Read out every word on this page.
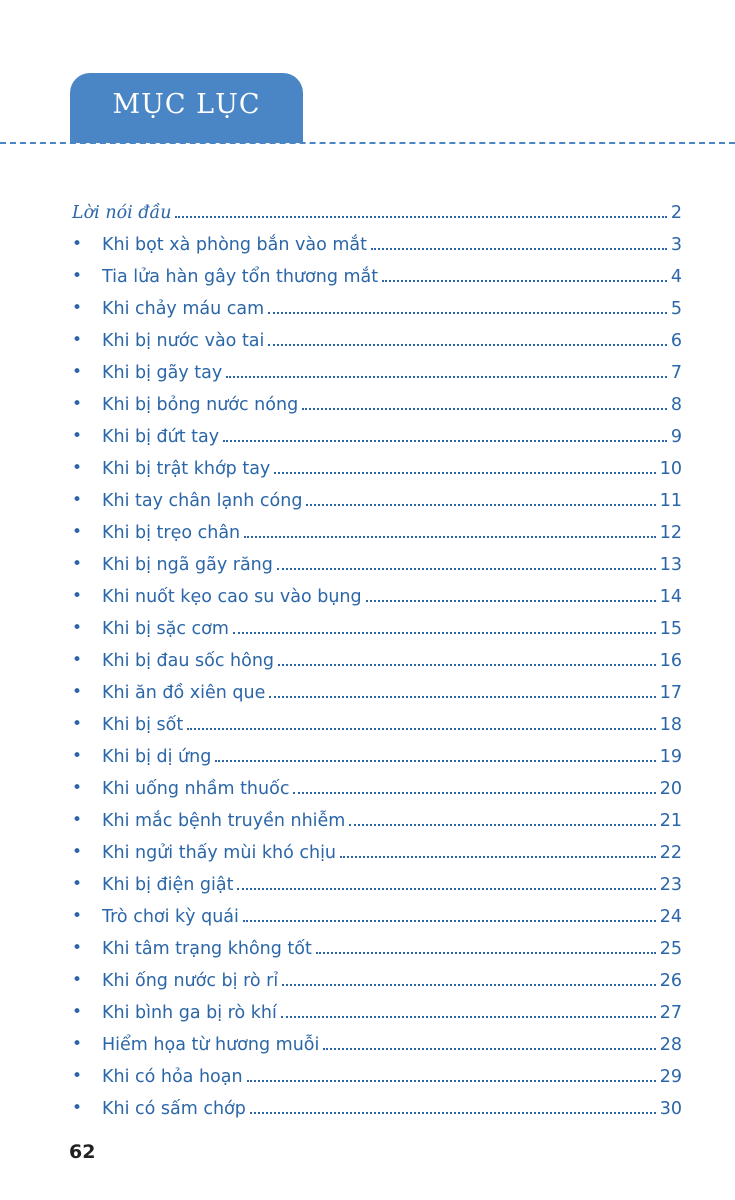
MỤC LỤC
Lời nói đầu	2
•	Khi bọt xà phòng bắn vào mắt	3
•	Tia lửa hàn gây tổn thương mắt	4
•	Khi chảy máu cam	5
•	Khi bị nước vào tai	6
•	Khi bị gãy tay	7
•	Khi bị bỏng nước nóng	8
•	Khi bị đứt tay	9
•	Khi bị trật khớp tay	10
•	Khi tay chân lạnh cóng	11
•	Khi bị trẹo chân	12
•	Khi bị ngã gãy răng	13
•	Khi nuốt kẹo cao su vào bụng	14
•	Khi bị sặc cơm	15
•	Khi bị đau sốc hông	16
•	Khi ăn đồ xiên que	17
•	Khi bị sốt	18
•	Khi bị dị ứng	19
•	Khi uống nhầm thuốc	20
•	Khi mắc bệnh truyền nhiễm	21
•	Khi ngửi thấy mùi khó chịu	22
•	Khi bị điện giật	23
•	Trò chơi kỳ quái	24
•	Khi tâm trạng không tốt	25
•	Khi ống nước bị rò rỉ	26
•	Khi bình ga bị rò khí	27
•	Hiểm họa từ hương muỗi	28
•	Khi có hỏa hoạn	29
•	Khi có sấm chớp	30
62
